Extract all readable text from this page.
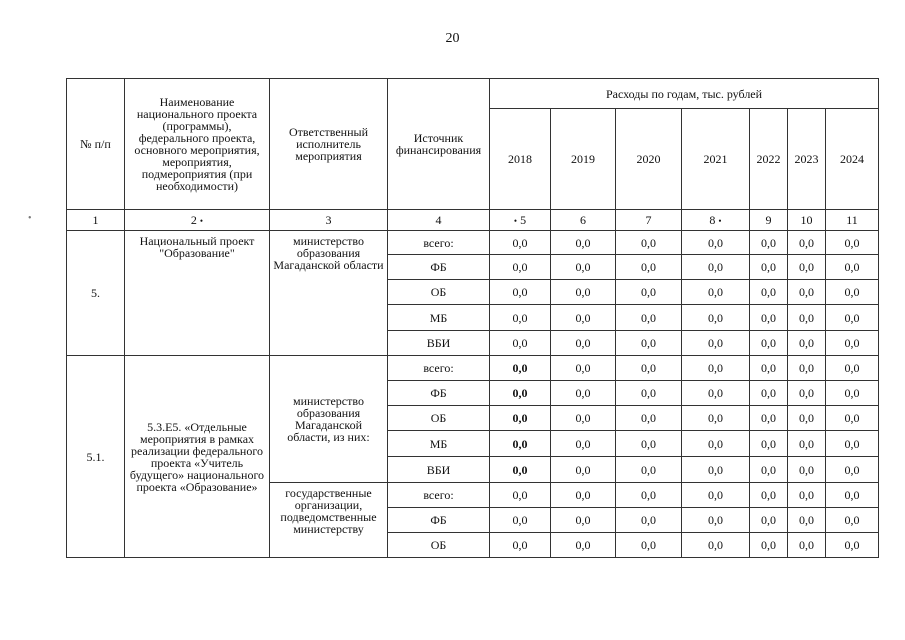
20
•
№ п/п	Наименование национального проекта (программы), федерального проекта, основного мероприятия, мероприятия, подмероприятия (при необходимости)	Ответственный исполнитель мероприятия	Источник финансирования	Расходы по годам, тыс. рублей						
				2018	2019	2020	2021	2022	2023	2024
1	2 •	3	4	• 5	6	7	8 •	9	10	11
5.	Национальный проект "Образование"	министерство образования Магаданской области	всего:	0,0	0,0	0,0	0,0	0,0	0,0	0,0
			ФБ	0,0	0,0	0,0	0,0	0,0	0,0	0,0
			ОБ	0,0	0,0	0,0	0,0	0,0	0,0	0,0
			МБ	0,0	0,0	0,0	0,0	0,0	0,0	0,0
			ВБИ	0,0	0,0	0,0	0,0	0,0	0,0	0,0
5.1.	5.3.Е5. «Отдельные мероприятия в рамках реализации федерального проекта «Учитель будущего» национального проекта «Образование»	министерство образования Магаданской области, из них:	всего:	0,0	0,0	0,0	0,0	0,0	0,0	0,0
			ФБ	0,0	0,0	0,0	0,0	0,0	0,0	0,0
			ОБ	0,0	0,0	0,0	0,0	0,0	0,0	0,0
			МБ	0,0	0,0	0,0	0,0	0,0	0,0	0,0
			ВБИ	0,0	0,0	0,0	0,0	0,0	0,0	0,0
		государственные организации, подведомственные министерству	всего:	0,0	0,0	0,0	0,0	0,0	0,0	0,0
			ФБ	0,0	0,0	0,0	0,0	0,0	0,0	0,0
			ОБ	0,0	0,0	0,0	0,0	0,0	0,0	0,0
